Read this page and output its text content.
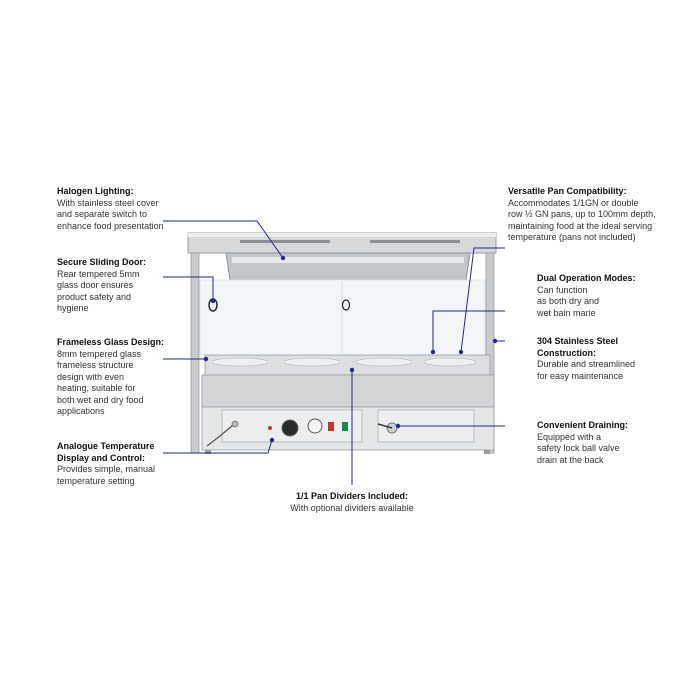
Halogen Lighting:
With stainless steel cover
and separate switch to
enhance food presentation
Secure Sliding Door:
Rear tempered 5mm
glass door ensures
product safety and
hygiene
Frameless Glass Design:
8mm tempered glass
frameless structure
design with even
heating, suitable for
both wet and dry food
applications
Analogue Temperature
Display and Control:
Provides simple, manual
temperature setting
1/1 Pan Dividers Included:
With optional dividers available
Versatile Pan Compatibility:
Accommodates 1/1GN or double
row ½ GN pans, up to 100mm depth,
maintaining food at the ideal serving
temperature (pans not included)
Dual Operation Modes:
Can function
as both dry and
wet bain marie
304 Stainless Steel
Construction:
Durable and streamlined
for easy maintenance
Convenient Draining:
Equipped with a
safety lock ball valve
drain at the back
